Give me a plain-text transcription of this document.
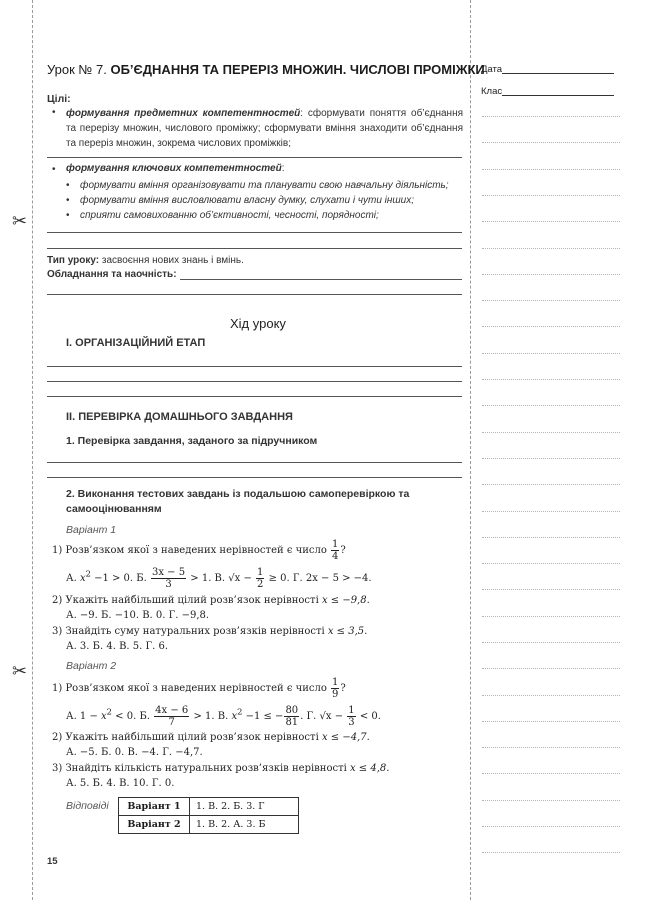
✂
✂
Урок № 7. ОБ’ЄДНАННЯ ТА ПЕРЕРІЗ МНОЖИН. ЧИСЛОВІ ПРОМІЖКИ
Дата
Клас
Цілі:
• формування предметних компетентностей: сформувати поняття об’єднання та перерізу множин, числового проміжку; сформувати вміння знаходити об’єднання та переріз множин, зокрема числових проміжків;
• формування ключових компетентностей:
• формувати вміння організовувати та планувати свою навчальну діяльність;
• формувати вміння висловлювати власну думку, слухати і чути інших;
• сприяти самовихованню об’єктивності, чесності, порядності;
Тип уроку: засвоєння нових знань і вмінь.
Обладнання та наочність:
Хід уроку
I. ОРГАНІЗАЦІЙНИЙ ЕТАП
II. ПЕРЕВІРКА ДОМАШНЬОГО ЗАВДАННЯ
1. Перевірка завдання, заданого за підручником
2. Виконання тестових завдань із подальшою самоперевіркою та
самооцінюванням
Варіант 1
1) Розв’язком якої з наведених нерівностей є число $\frac{1}{4}$ ?
А. $x^2 -1 > 0$. Б. $\frac{3x - 5}{3} > 1$. В. $√x - \frac{1}{2} \ge 0$. Г. 2x − 5 > −4.
2) Укажіть найбільший цілий розв’язок нерівності x ≤ −9,8.
А. −9. Б. −10. В. 0. Г. −9,8.
3) Знайдіть суму натуральних розв’язків нерівності x ≤ 3,5.
А. 3. Б. 4. В. 5. Г. 6.
Варіант 2
1) Розв’язком якої з наведених нерівностей є число $\frac{1}{9}$ ?
А. $1 - x^2 < 0$. Б. $\frac{4x - 6}{7} > 1$. В. $x^2 -1$ ≤ − $\frac{80}{81}$ . Г. $√x - \frac{1}{3} < 0$.
2) Укажіть найбільший цілий розв’язок нерівності x ≤ −4,7.
А. −5. Б. 0. В. −4. Г. −4,7.
3) Знайдіть кількість натуральних розв’язків нерівності x ≤ 4,8.
А. 5. Б. 4. В. 10. Г. 0.
Відповіді Варіант 1	1. В. 2. Б. 3. Г
Варіант 2	1. В. 2. А. 3. Б
15
